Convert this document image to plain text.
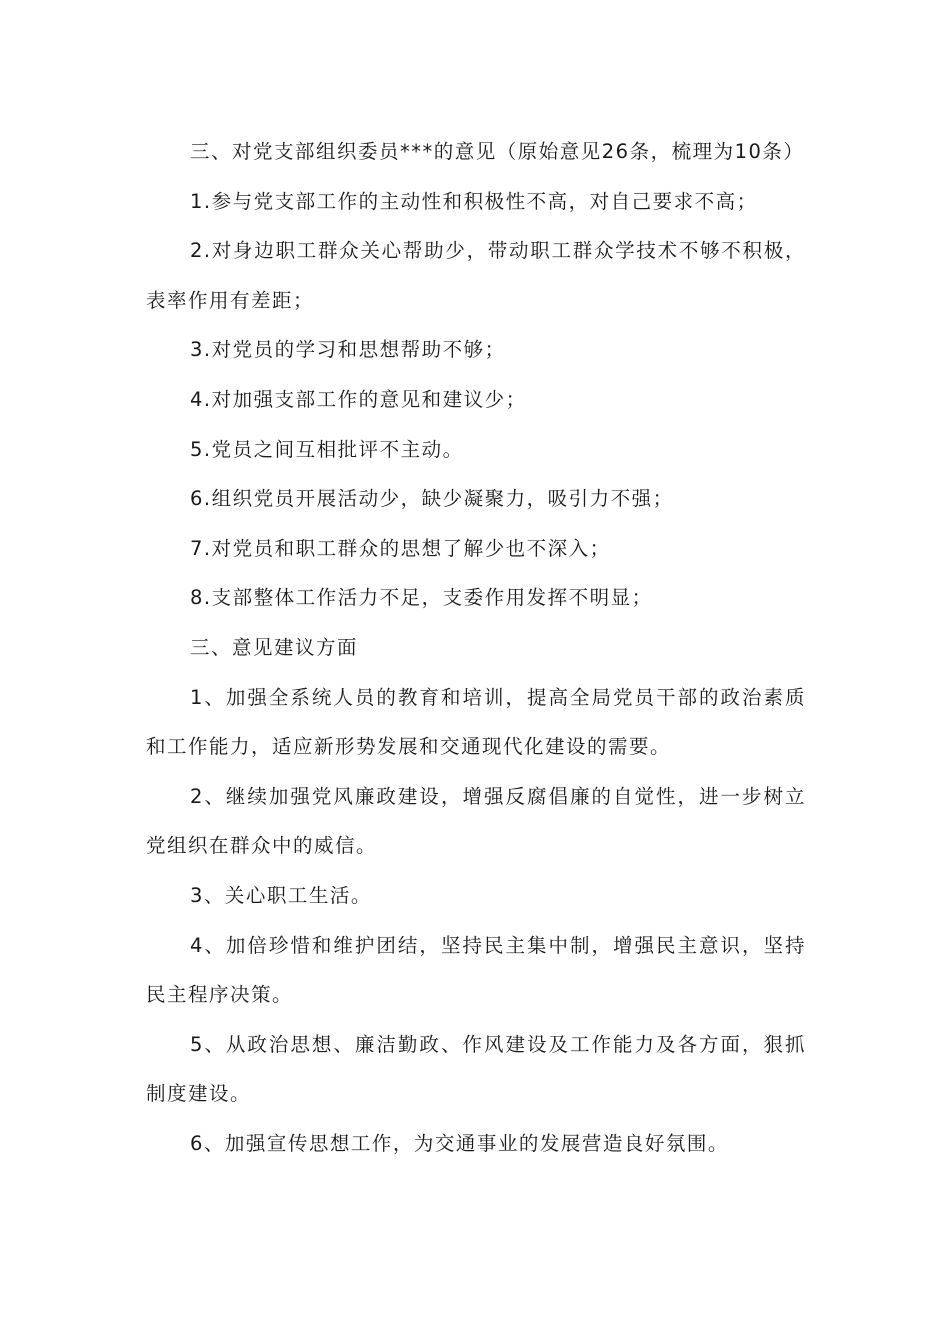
三、对党支部组织委员***的意见（原始意见26条，梳理为10条）

1.参与党支部工作的主动性和积极性不高，对自己要求不高；

2.对身边职工群众关心帮助少，带动职工群众学技术不够不积极，表率作用有差距；

3.对党员的学习和思想帮助不够；

4.对加强支部工作的意见和建议少；

5.党员之间互相批评不主动。

6.组织党员开展活动少，缺少凝聚力，吸引力不强；

7.对党员和职工群众的思想了解少也不深入；

8.支部整体工作活力不足，支委作用发挥不明显；

三、意见建议方面

1、加强全系统人员的教育和培训，提高全局党员干部的政治素质和工作能力，适应新形势发展和交通现代化建设的需要。

2、继续加强党风廉政建设，增强反腐倡廉的自觉性，进一步树立党组织在群众中的威信。

3、关心职工生活。

4、加倍珍惜和维护团结，坚持民主集中制，增强民主意识，坚持民主程序决策。

5、从政治思想、廉洁勤政、作风建设及工作能力及各方面，狠抓制度建设。

6、加强宣传思想工作，为交通事业的发展营造良好氛围。
